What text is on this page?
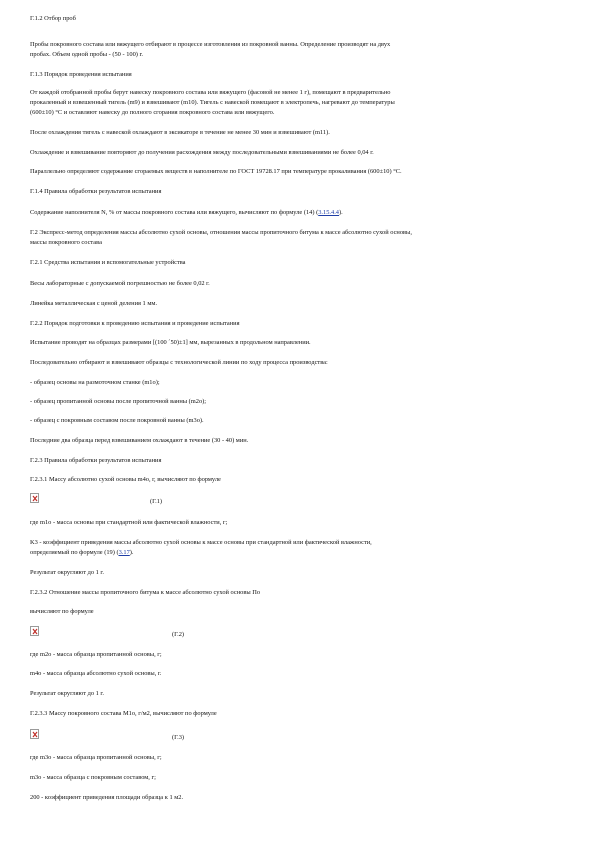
Г.1.2 Отбор проб

Пробы покровного состава или вяжущего отбирают в процессе изготовления из покровной ванны. Определение производят на двух

пробах. Объем одной пробы - (50 - 100) г.

Г.1.3 Порядок проведения испытания

От каждой отобранной пробы берут навеску покровного состава или вяжущего (фасовой не менее 1 г), помещают в предварительно

прокаленный и взвешенный тигель (m9) и взвешивают (m10). Тигель с навеской помещают в электропечь, нагревают до температуры

(600±10) °С и оставляют навеску до полного сгорания покровного состава или вяжущего.

После охлаждения тигель с навеской охлаждают в эксикаторе в течение не менее 30 мин и взвешивают (m11).

Охлаждение и взвешивание повторяют до получения расхождения между последовательными взвешиваниями не более 0,04 г.

Параллельно определяют содержание сгораемых веществ в наполнителе по ГОСТ 19728.17 при температуре прокаливания (600±10) °С.

Г.1.4 Правила обработки результатов испытания

Содержание наполнителя N, % от массы покровного состава или вяжущего, вычисляют по формуле (14) (3.15.4.4).

Г.2 Экспресс-метод определения массы абсолютно сухой основы, отношения массы пропиточного битума к массе абсолютно сухой основы,

массы покровного состава

Г.2.1 Средства испытания и вспомогательные устройства

Весы лабораторные с допускаемой погрешностью не более 0,02 г.

Линейка металлическая с ценой деления 1 мм.

Г.2.2 Порядок подготовки к проведению испытания и проведение испытания

Испытание проводят на образцах размерами [(100 ´50)±1] мм, вырезанных в продольном направлении.

Последовательно отбирают и взвешивают образцы с технологической линии по ходу процесса производства:

- образец основы на размоточном станке (m1о);

- образец пропитанной основы после пропиточной ванны (m2о);

- образец с покровным составом после покровной ванны (m3о).

Последние два образца перед взвешиванием охлаждают в течение (30 - 40) мин.

Г.2.3 Правила обработки результатов испытания

Г.2.3.1 Массу абсолютно сухой основы m4о, г, вычисляют по формуле

(Г.1)

где m1о - масса основы при стандартной или фактической влажности, г;

K3 - коэффициент приведения массы абсолютно сухой основы к массе основы при стандартной или фактической влажности,

определяемый по формуле (19) (3.17).

Результат округляют до 1 г.

Г.2.3.2 Отношение массы пропиточного битума к массе абсолютно сухой основы Пo

вычисляют по формуле

(Г.2)

где m2о - масса образца пропитанной основы, г;

m4о - масса образца абсолютно сухой основы, г.

Результат округляют до 1 г.

Г.2.3.3 Массу покровного состава M1о, г/м2, вычисляют по формуле

(Г.3)

где m3о - масса образца пропитанной основы, г;

m3о - масса образца с покровным составом, г;

200 - коэффициент приведения площади образца к 1 м2.
